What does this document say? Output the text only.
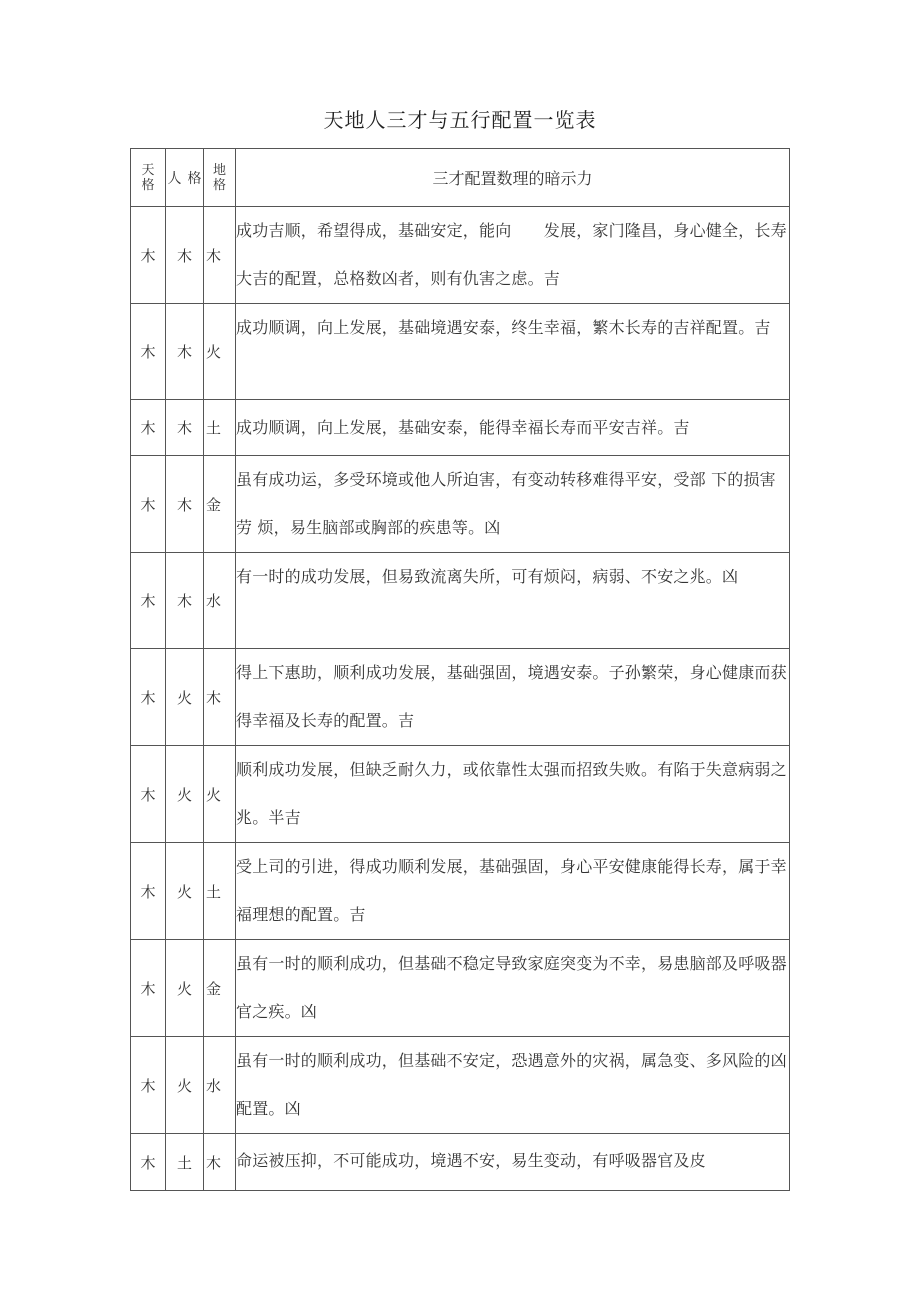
天地人三才与五行配置一览表
天格	人 格	地格	三才配置数理的暗示力
木	木	木	成功吉顺，希望得成，基础安定，能向　　发展，家门隆昌，身心健全，长寿大吉的配置，总格数凶者，则有仇害之虑。吉
木	木	火	成功顺调，向上发展，基础境遇安泰，终生幸福，繁木长寿的吉祥配置。吉
木	木	土	成功顺调，向上发展，基础安泰，能得幸福长寿而平安吉祥。吉
木	木	金	虽有成功运，多受环境或他人所迫害，有变动转移难得平安，受部 下的损害劳 烦，易生脑部或胸部的疾患等。凶
木	木	水	有一时的成功发展，但易致流离失所，可有烦闷，病弱、不安之兆。凶
木	火	木	得上下惠助，顺利成功发展，基础强固，境遇安泰。子孙繁荣，身心健康而获得幸福及长寿的配置。吉
木	火	火	顺利成功发展，但缺乏耐久力，或依靠性太强而招致失败。有陷于失意病弱之兆。半吉
木	火	土	受上司的引进，得成功顺利发展，基础强固，身心平安健康能得长寿，属于幸福理想的配置。吉
木	火	金	虽有一时的顺利成功，但基础不稳定导致家庭突变为不幸，易患脑部及呼吸器官之疾。凶
木	火	水	虽有一时的顺利成功，但基础不安定，恐遇意外的灾祸，属急变、多风险的凶配置。凶
木	土	木	命运被压抑，不可能成功，境遇不安，易生变动，有呼吸器官及皮
